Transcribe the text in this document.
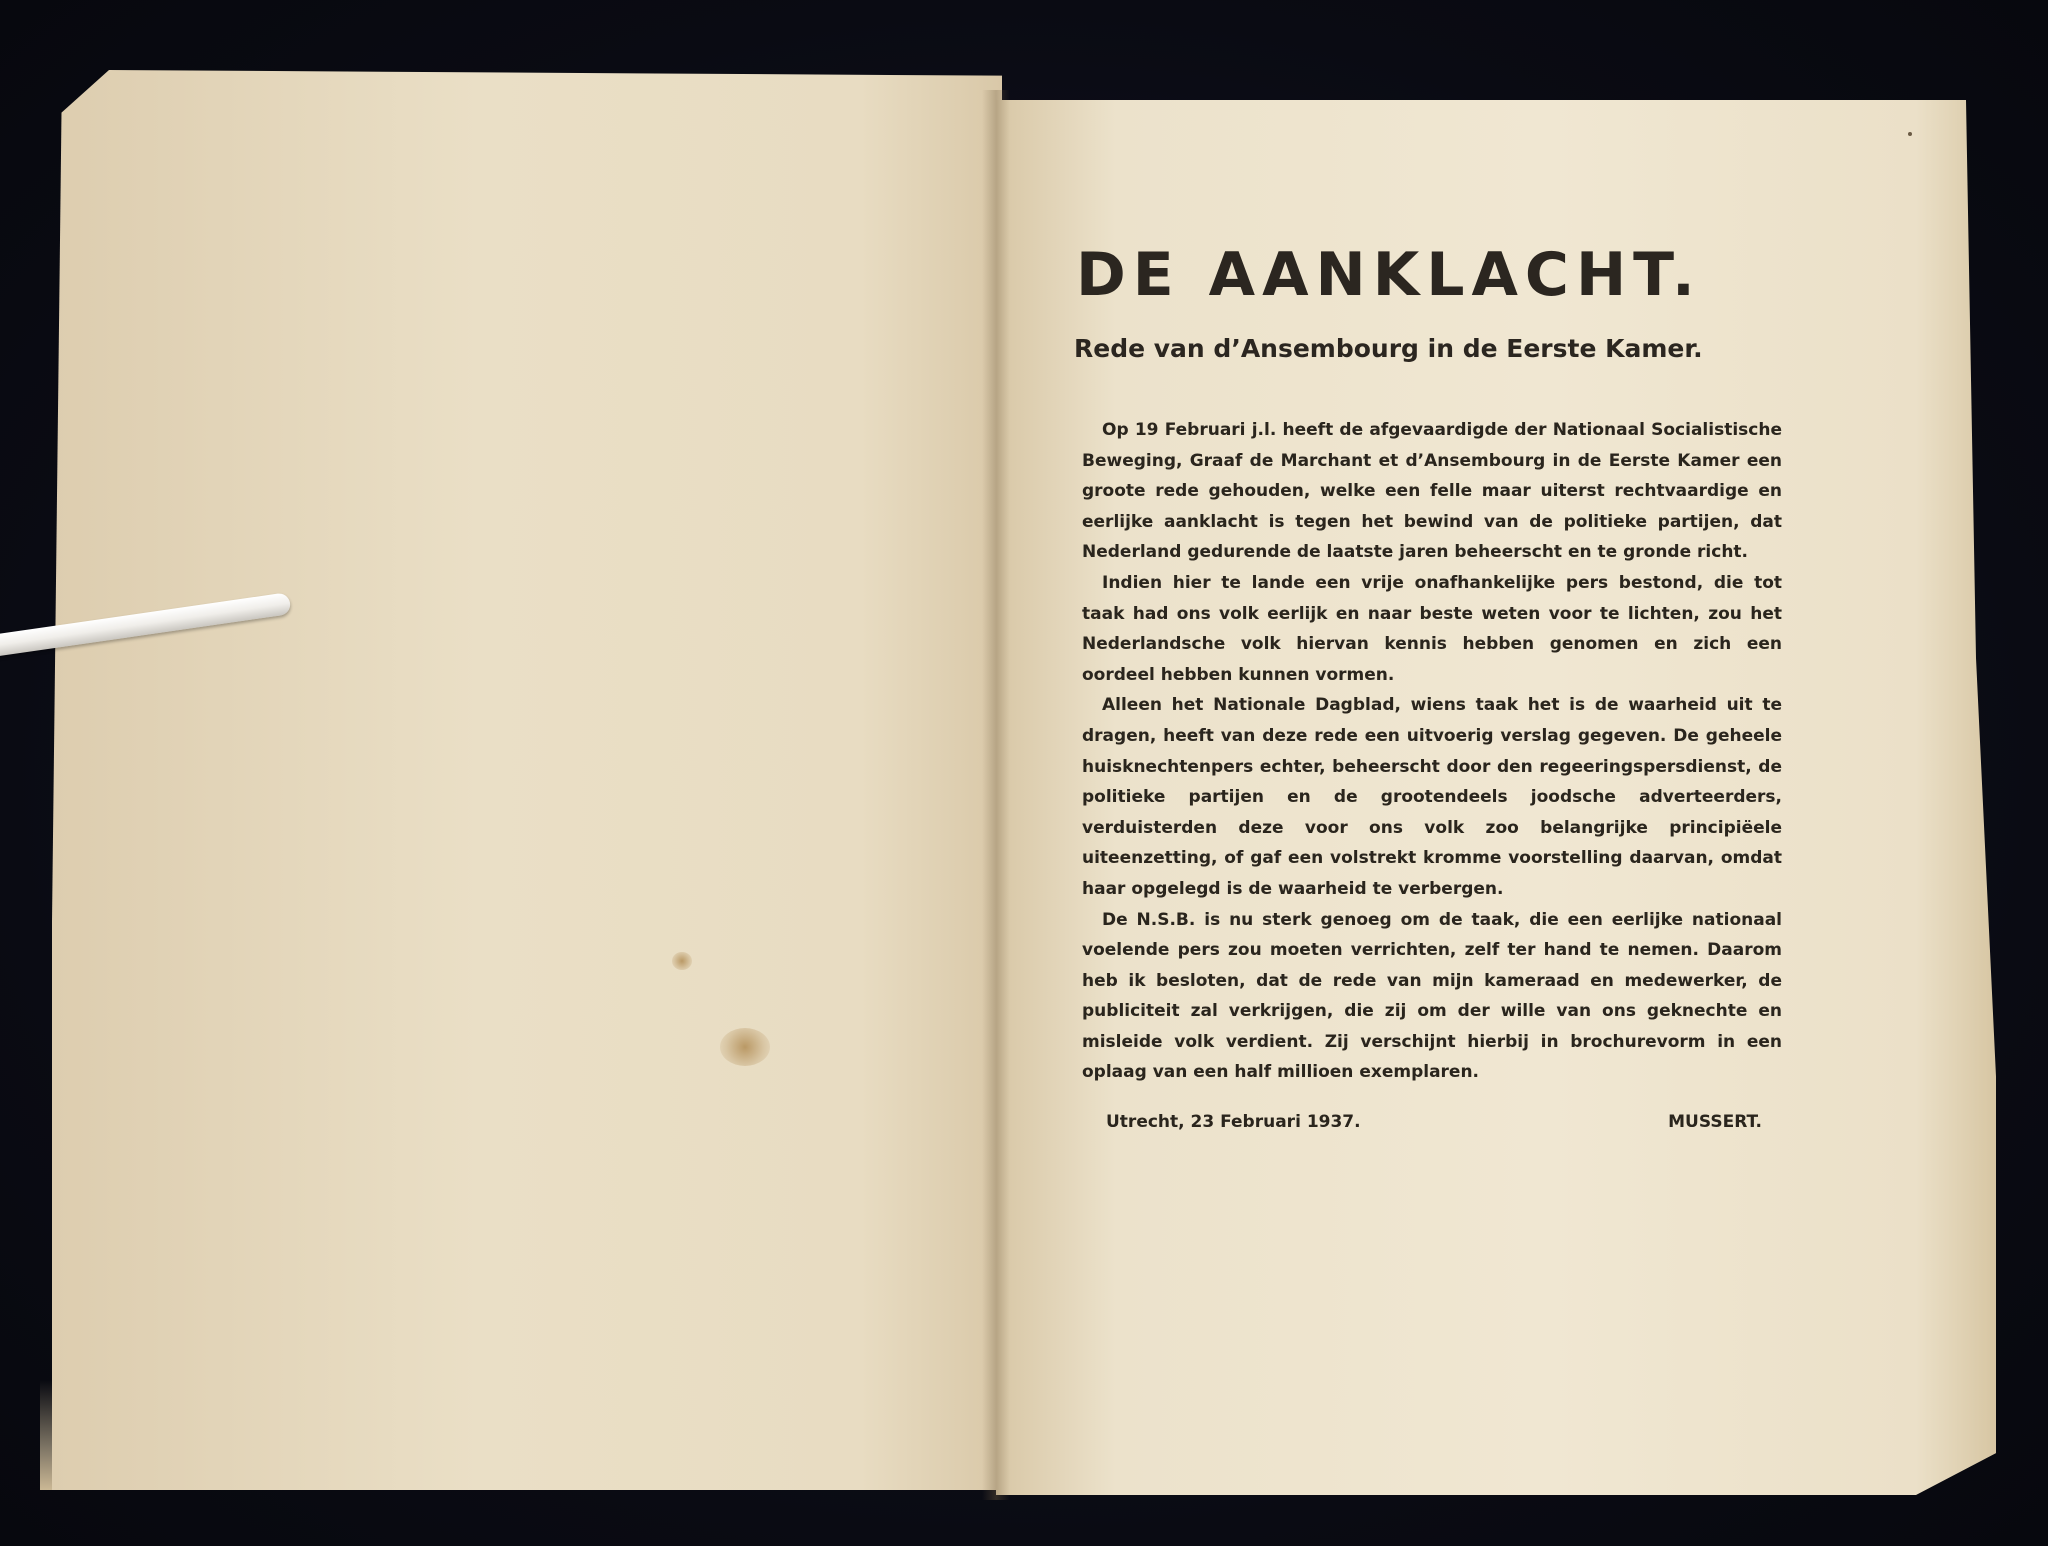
DE AANKLACHT.
Rede van d’Ansembourg in de Eerste Kamer.

Op 19 Februari j.l. heeft de afgevaardigde der Nationaal Socialistische Beweging, Graaf de Marchant et d’Ansembourg in de Eerste Kamer een groote rede gehouden, welke een felle maar uiterst rechtvaardige en eerlijke aanklacht is tegen het bewind van de politieke partijen, dat Nederland gedurende de laatste jaren beheerscht en te gronde richt.

Indien hier te lande een vrije onafhankelijke pers bestond, die tot taak had ons volk eerlijk en naar beste weten voor te lichten, zou het Nederlandsche volk hiervan kennis hebben genomen en zich een oordeel hebben kunnen vormen.

Alleen het Nationale Dagblad, wiens taak het is de waarheid uit te dragen, heeft van deze rede een uitvoerig verslag gegeven. De geheele huisknechtenpers echter, beheerscht door den regeeringspersdienst, de politieke partijen en de grootendeels joodsche adverteerders, verduisterden deze voor ons volk zoo belangrijke principiëele uiteenzetting, of gaf een volstrekt kromme voorstelling daarvan, omdat haar opgelegd is de waarheid te verbergen.

De N.S.B. is nu sterk genoeg om de taak, die een eerlijke nationaal voelende pers zou moeten verrichten, zelf ter hand te nemen. Daarom heb ik besloten, dat de rede van mijn kameraad en medewerker, de publiciteit zal verkrijgen, die zij om der wille van ons geknechte en misleide volk verdient. Zij verschijnt hierbij in brochurevorm in een oplaag van een half millioen exemplaren.

Utrecht, 23 Februari 1937.	MUSSERT.
